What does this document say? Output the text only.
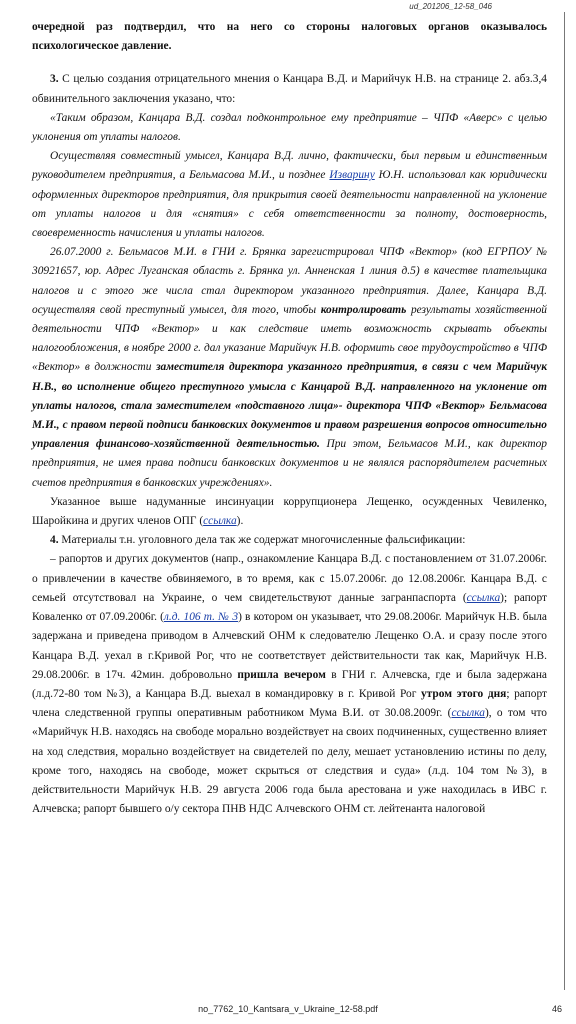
ud_201206_12-58_046

очередной раз подтвердил, что на него со стороны налоговых органов оказывалось психологическое давление.

3. С целью создания отрицательного мнения о Канцара В.Д. и Марийчук Н.В. на странице 2. абз.3,4 обвинительного заключения указано, что:

«Таким образом, Канцара В.Д. создал подконтрольное ему предприятие – ЧПФ «Аверс» с целью уклонения от уплаты налогов.

Осуществляя совместный умысел, Канцара В.Д. лично, фактически, был первым и единственным руководителем предприятия, а Бельмасова М.И., и позднее Изварину Ю.Н. использовал как юридически оформленных директоров предприятия, для прикрытия своей деятельности направленной на уклонение от уплаты налогов и для «снятия» с себя ответственности за полноту, достоверность, своевременность начисления и уплаты налогов.

26.07.2000 г. Бельмасов М.И. в ГНИ г. Брянка зарегистрировал ЧПФ «Вектор» (код ЕГРПОУ № 30921657, юр. Адрес Луганская область г. Брянка ул. Анненская 1 линия д.5) в качестве плательщика налогов и с этого же числа стал директором указанного предприятия. Далее, Канцара В.Д. осуществляя свой преступный умысел, для того, чтобы контролировать результаты хозяйственной деятельности ЧПФ «Вектор» и как следствие иметь возможность скрывать объекты налогообложения, в ноябре 2000 г. дал указание Марийчук Н.В. оформить свое трудоустройство в ЧПФ «Вектор» в должности заместителя директора указанного предприятия, в связи с чем Марийчук Н.В., во исполнение общего преступного умысла с Канцарой В.Д. направленного на уклонение от уплаты налогов, стала заместителем «подставного лица»- директора ЧПФ «Вектор» Бельмасова М.И., с правом первой подписи банковских документов и правом разрешения вопросов относительно управления финансово-хозяйственной деятельностью. При этом, Бельмасов М.И., как директор предприятия, не имея права подписи банковских документов и не являлся распорядителем расчетных счетов предприятия в банковских учреждениях».

Указанное выше надуманные инсинуации коррупционера Лещенко, осужденных Чевиленко, Шаройкина и других членов ОПГ (ссылка).

4. Материалы т.н. уголовного дела так же содержат многочисленные фальсификации:

– рапортов и других документов (напр., ознакомление Канцара В.Д. с постановлением от 31.07.2006г. о привлечении в качестве обвиняемого, в то время, как с 15.07.2006г. до 12.08.2006г. Канцара В.Д. с семьей отсутствовал на Украине, о чем свидетельствуют данные загранпаспорта (ссылка); рапорт Коваленко от 07.09.2006г. (л.д. 106 т. № 3) в котором он указывает, что 29.08.2006г. Марийчук Н.В. была задержана и приведена приводом в Алчевский ОНМ к следователю Лещенко О.А. и сразу после этого Канцара В.Д. уехал в г.Кривой Рог, что не соответствует действительности так как, Марийчук Н.В. 29.08.2006г. в 17ч. 42мин. добровольно пришла вечером в ГНИ г. Алчевска, где и была задержана (л.д.72-80 том №3), а Канцара В.Д. выехал в командировку в г. Кривой Рог утром этого дня; рапорт члена следственной группы оперативным работником Мума В.И. от 30.08.2009г. (ссылка), о том что «Марийчук Н.В. находясь на свободе морально воздействует на своих подчиненных, существенно влияет на ход следствия, морально воздействует на свидетелей по делу, мешает установлению истины по делу, кроме того, находясь на свободе, может скрыться от следствия и суда» (л.д. 104 том №3), в действительности Марийчук Н.В. 29 августа 2006 года была арестована и уже находилась в ИВС г. Алчевска; рапорт бывшего о/у сектора ПНВ НДС Алчевского ОНМ ст. лейтенанта налоговой

no_7762_10_Kantsara_v_Ukraine_12-58.pdf	46
